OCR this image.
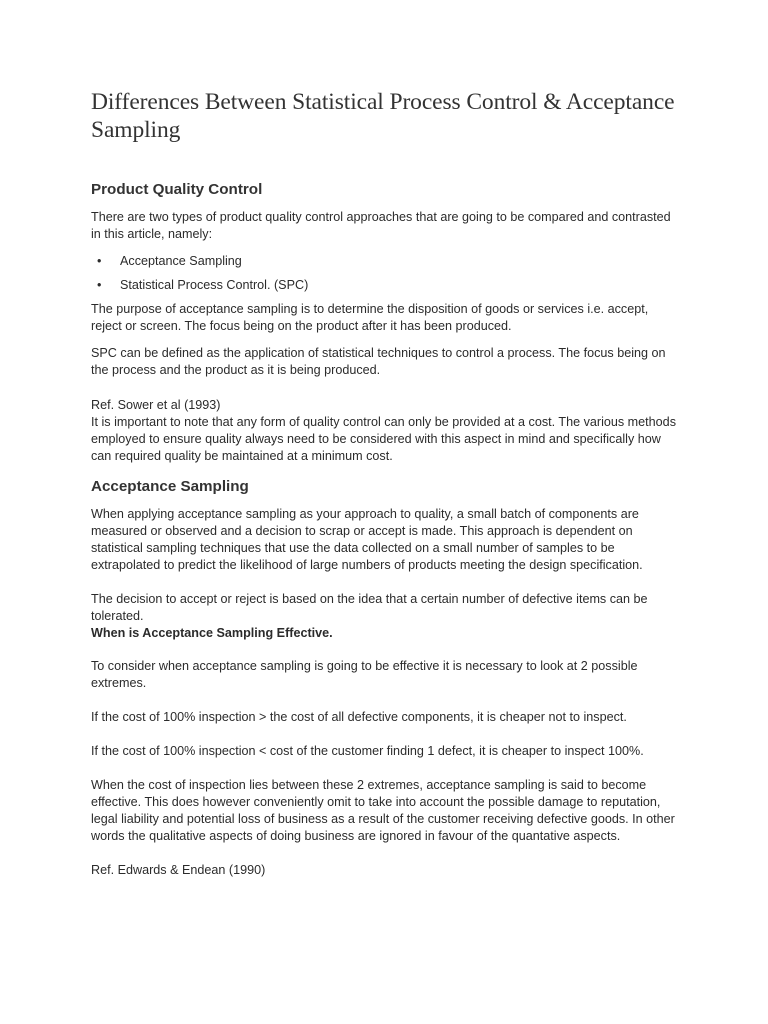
Differences Between Statistical Process Control & Acceptance Sampling
Product Quality Control

There are two types of product quality control approaches that are going to be compared and contrasted in this article, namely:

• Acceptance Sampling
• Statistical Process Control. (SPC)

The purpose of acceptance sampling is to determine the disposition of goods or services i.e. accept, reject or screen. The focus being on the product after it has been produced.

SPC can be defined as the application of statistical techniques to control a process. The focus being on the process and the product as it is being produced.

Ref. Sower et al (1993)

It is important to note that any form of quality control can only be provided at a cost. The various methods employed to ensure quality always need to be considered with this aspect in mind and specifically how can required quality be maintained at a minimum cost.

Acceptance Sampling

When applying acceptance sampling as your approach to quality, a small batch of components are measured or observed and a decision to scrap or accept is made. This approach is dependent on statistical sampling techniques that use the data collected on a small number of samples to be extrapolated to predict the likelihood of large numbers of products meeting the design specification.

The decision to accept or reject is based on the idea that a certain number of defective items can be tolerated.
When is Acceptance Sampling Effective.

To consider when acceptance sampling is going to be effective it is necessary to look at 2 possible extremes.

If the cost of 100% inspection > the cost of all defective components, it is cheaper not to inspect.

If the cost of 100% inspection < cost of the customer finding 1 defect, it is cheaper to inspect 100%.

When the cost of inspection lies between these 2 extremes, acceptance sampling is said to become effective. This does however conveniently omit to take into account the possible damage to reputation, legal liability and potential loss of business as a result of the customer receiving defective goods. In other words the qualitative aspects of doing business are ignored in favour of the quantative aspects.

Ref. Edwards & Endean (1990)
